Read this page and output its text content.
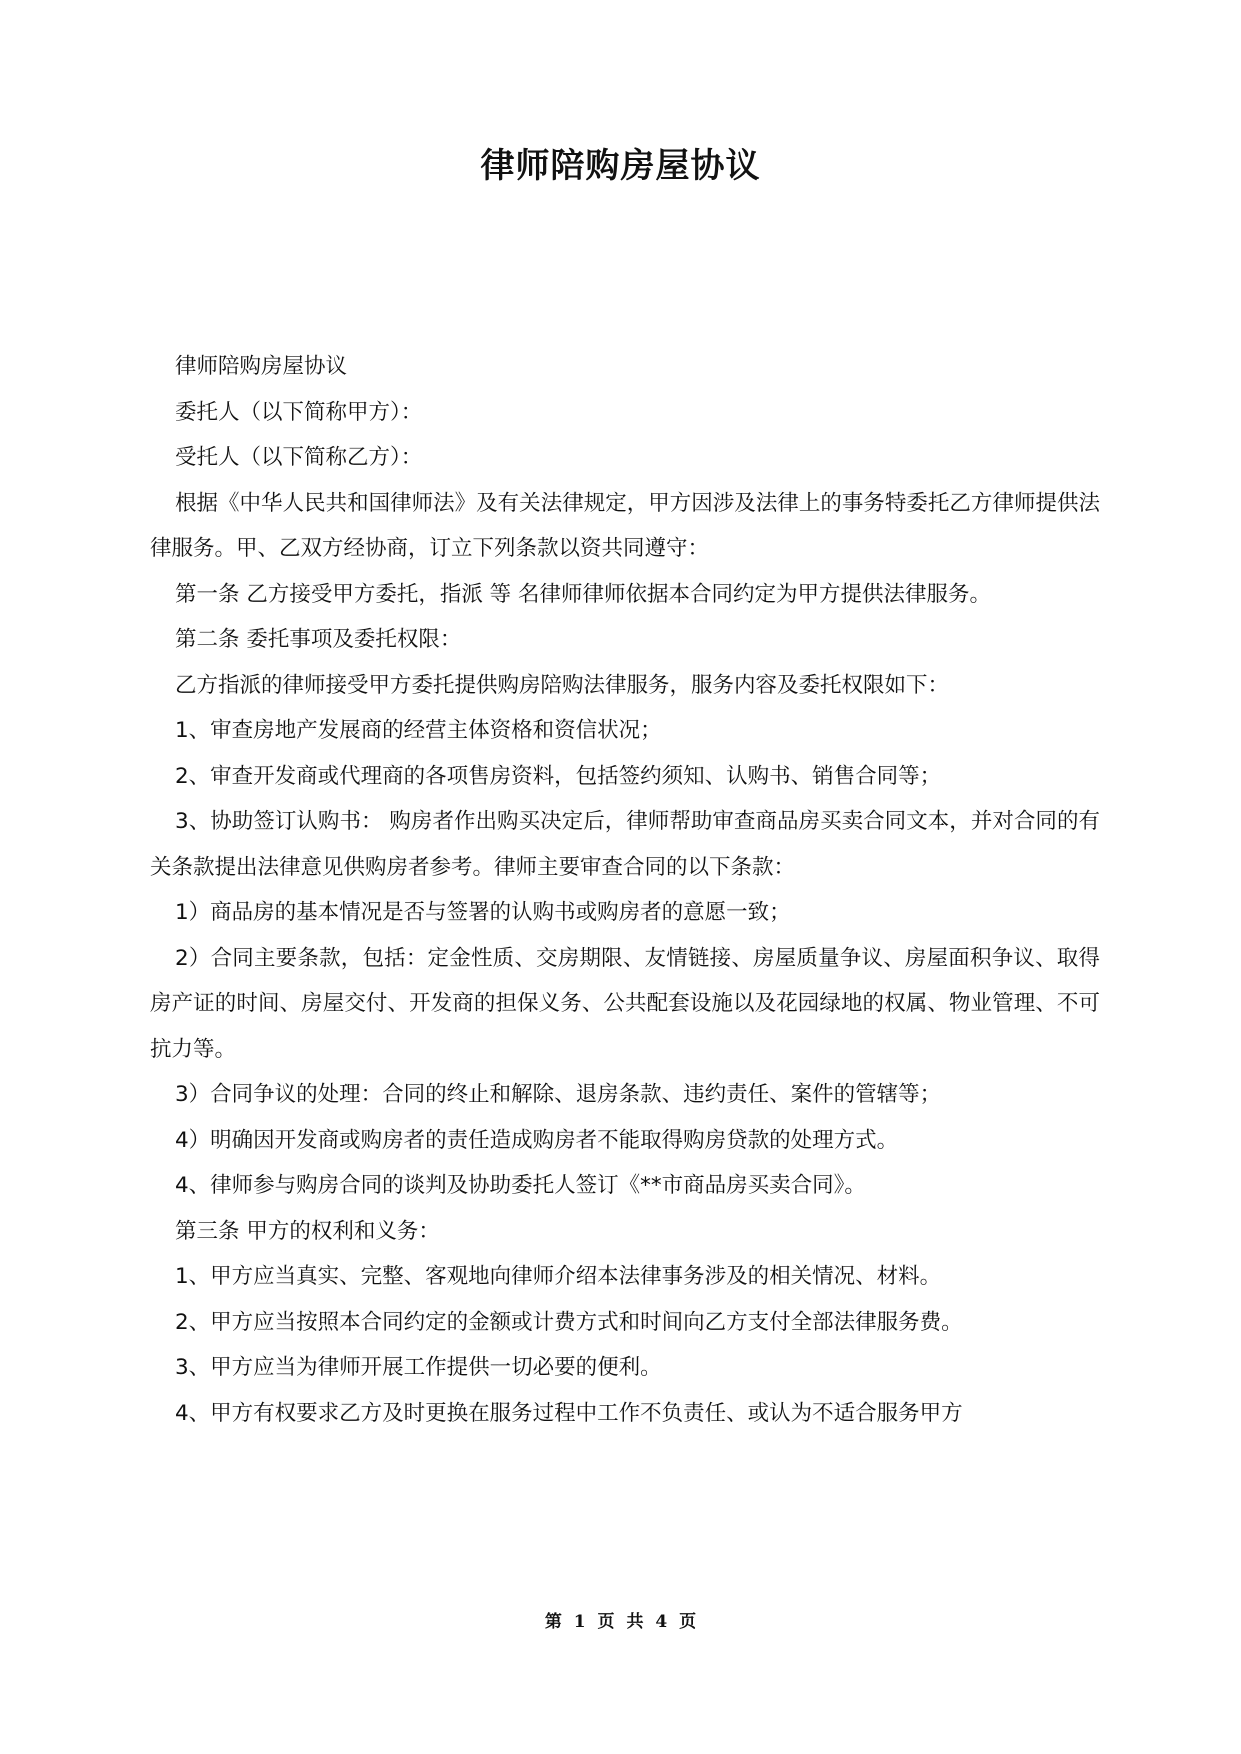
律师陪购房屋协议

律师陪购房屋协议

委托人（以下简称甲方）：

受托人（以下简称乙方）：

根据《中华人民共和国律师法》及有关法律规定，甲方因涉及法律上的事务特委托乙方律师提供法律服务。甲、乙双方经协商，订立下列条款以资共同遵守：

第一条 乙方接受甲方委托，指派 等 名律师律师依据本合同约定为甲方提供法律服务。

第二条 委托事项及委托权限：

乙方指派的律师接受甲方委托提供购房陪购法律服务，服务内容及委托权限如下：

1、审查房地产发展商的经营主体资格和资信状况；

2、审查开发商或代理商的各项售房资料，包括签约须知、认购书、销售合同等；

3、协助签订认购书： 购房者作出购买决定后，律师帮助审查商品房买卖合同文本，并对合同的有关条款提出法律意见供购房者参考。律师主要审查合同的以下条款：

1）商品房的基本情况是否与签署的认购书或购房者的意愿一致；

2）合同主要条款，包括：定金性质、交房期限、友情链接、房屋质量争议、房屋面积争议、取得房产证的时间、房屋交付、开发商的担保义务、公共配套设施以及花园绿地的权属、物业管理、不可抗力等。

3）合同争议的处理：合同的终止和解除、退房条款、违约责任、案件的管辖等；

4）明确因开发商或购房者的责任造成购房者不能取得购房贷款的处理方式。

4、律师参与购房合同的谈判及协助委托人签订《**市商品房买卖合同》。

第三条 甲方的权利和义务：

1、甲方应当真实、完整、客观地向律师介绍本法律事务涉及的相关情况、材料。

2、甲方应当按照本合同约定的金额或计费方式和时间向乙方支付全部法律服务费。

3、甲方应当为律师开展工作提供一切必要的便利。

4、甲方有权要求乙方及时更换在服务过程中工作不负责任、或认为不适合服务甲方

第 1 页 共 4 页
